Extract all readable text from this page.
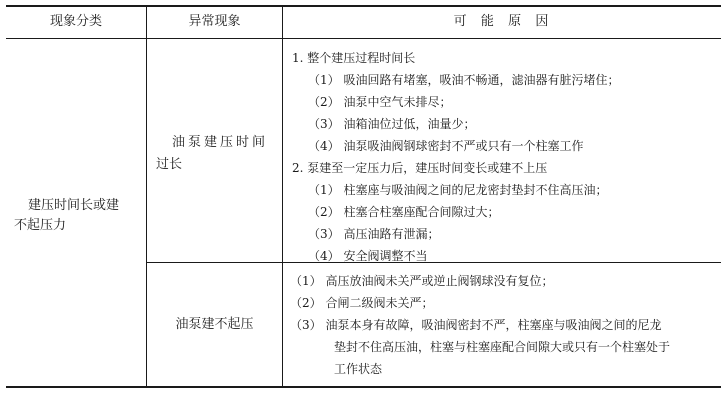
现象分类	异常现象	可  能  原  因
建压时间长或建
不起压力
油泵建压时间
过长
1. 整个建压过程时间长
（1） 吸油回路有堵塞，吸油不畅通，滤油器有脏污堵住；
（2） 油泵中空气未排尽；
（3） 油箱油位过低，油量少；
（4） 油泵吸油阀钢球密封不严或只有一个柱塞工作
2. 泵建至一定压力后，建压时间变长或建不上压
（1） 柱塞座与吸油阀之间的尼龙密封垫封不住高压油；
（2） 柱塞合柱塞座配合间隙过大；
（3） 高压油路有泄漏；
（4） 安全阀调整不当
油泵建不起压
（1） 高压放油阀未关严或逆止阀钢球没有复位；
（2） 合闸二级阀未关严；
（3） 油泵本身有故障，吸油阀密封不严，柱塞座与吸油阀之间的尼龙
垫封不住高压油，柱塞与柱塞座配合间隙大或只有一个柱塞处于
工作状态
